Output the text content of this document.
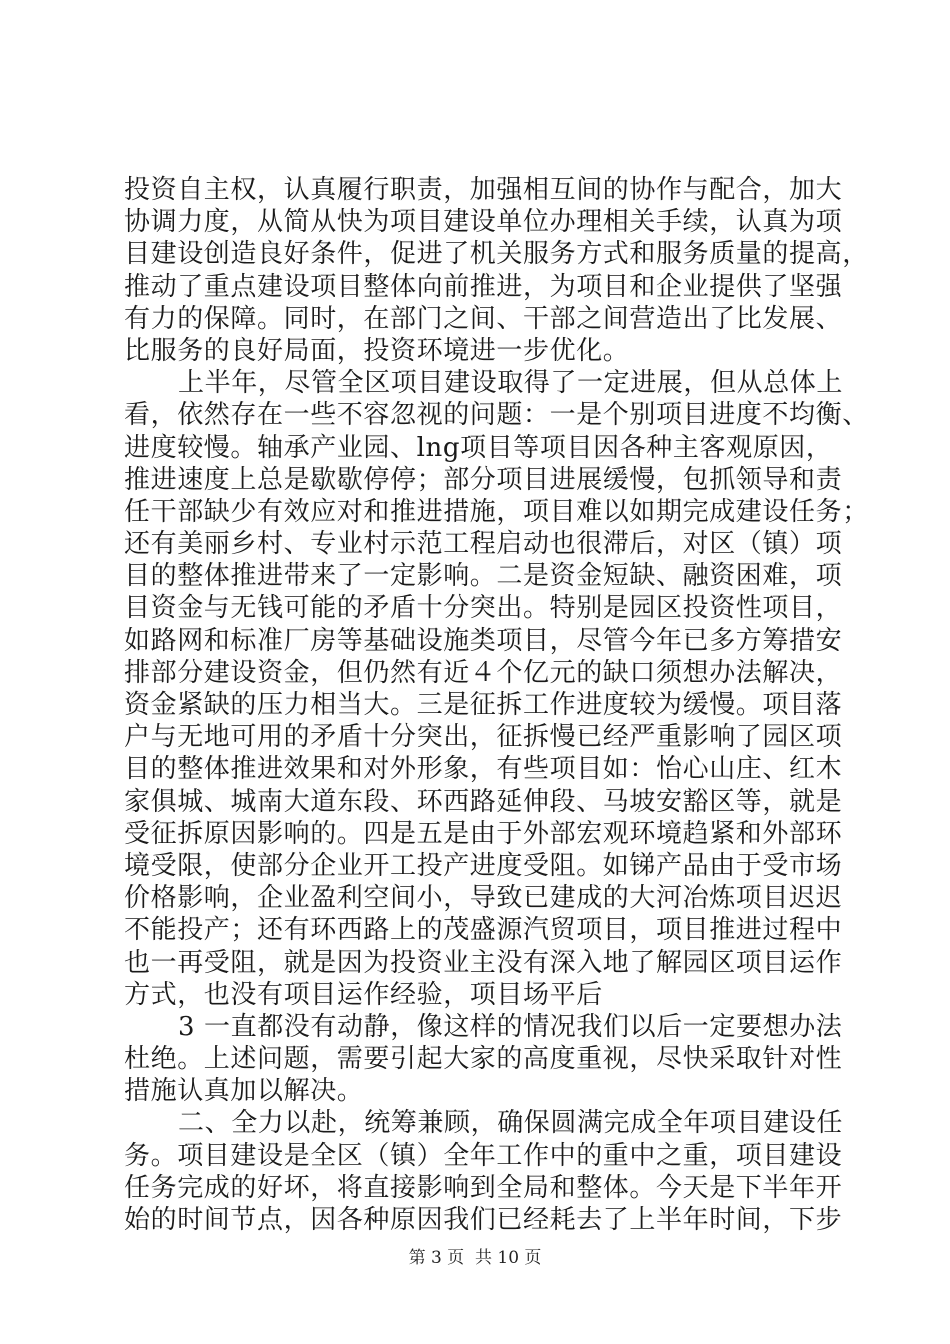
投资自主权，认真履行职责，加强相互间的协作与配合，加大
协调力度，从简从快为项目建设单位办理相关手续，认真为项
目建设创造良好条件，促进了机关服务方式和服务质量的提高，
推动了重点建设项目整体向前推进，为项目和企业提供了坚强
有力的保障。同时，在部门之间、干部之间营造出了比发展、
比服务的良好局面，投资环境进一步优化。
上半年，尽管全区项目建设取得了一定进展，但从总体上
看，依然存在一些不容忽视的问题：一是个别项目进度不均衡、
进度较慢。轴承产业园、lng项目等项目因各种主客观原因，
推进速度上总是歇歇停停；部分项目进展缓慢，包抓领导和责
任干部缺少有效应对和推进措施，项目难以如期完成建设任务；
还有美丽乡村、专业村示范工程启动也很滞后，对区（镇）项
目的整体推进带来了一定影响。二是资金短缺、融资困难，项
目资金与无钱可能的矛盾十分突出。特别是园区投资性项目，
如路网和标准厂房等基础设施类项目，尽管今年已多方筹措安
排部分建设资金，但仍然有近４个亿元的缺口须想办法解决，
资金紧缺的压力相当大。三是征拆工作进度较为缓慢。项目落
户与无地可用的矛盾十分突出，征拆慢已经严重影响了园区项
目的整体推进效果和对外形象，有些项目如：怡心山庄、红木
家俱城、城南大道东段、环西路延伸段、马坡安豁区等，就是
受征拆原因影响的。四是五是由于外部宏观环境趋紧和外部环
境受限，使部分企业开工投产进度受阻。如锑产品由于受市场
价格影响，企业盈利空间小，导致已建成的大河冶炼项目迟迟
不能投产；还有环西路上的茂盛源汽贸项目，项目推进过程中
也一再受阻，就是因为投资业主没有深入地了解园区项目运作
方式，也没有项目运作经验，项目场平后
3 一直都没有动静，像这样的情况我们以后一定要想办法
杜绝。上述问题，需要引起大家的高度重视，尽快采取针对性
措施认真加以解决。
二、全力以赴，统筹兼顾，确保圆满完成全年项目建设任
务。项目建设是全区（镇）全年工作中的重中之重，项目建设
任务完成的好坏，将直接影响到全局和整体。今天是下半年开
始的时间节点，因各种原因我们已经耗去了上半年时间，下步
第 3 页  共 10 页
